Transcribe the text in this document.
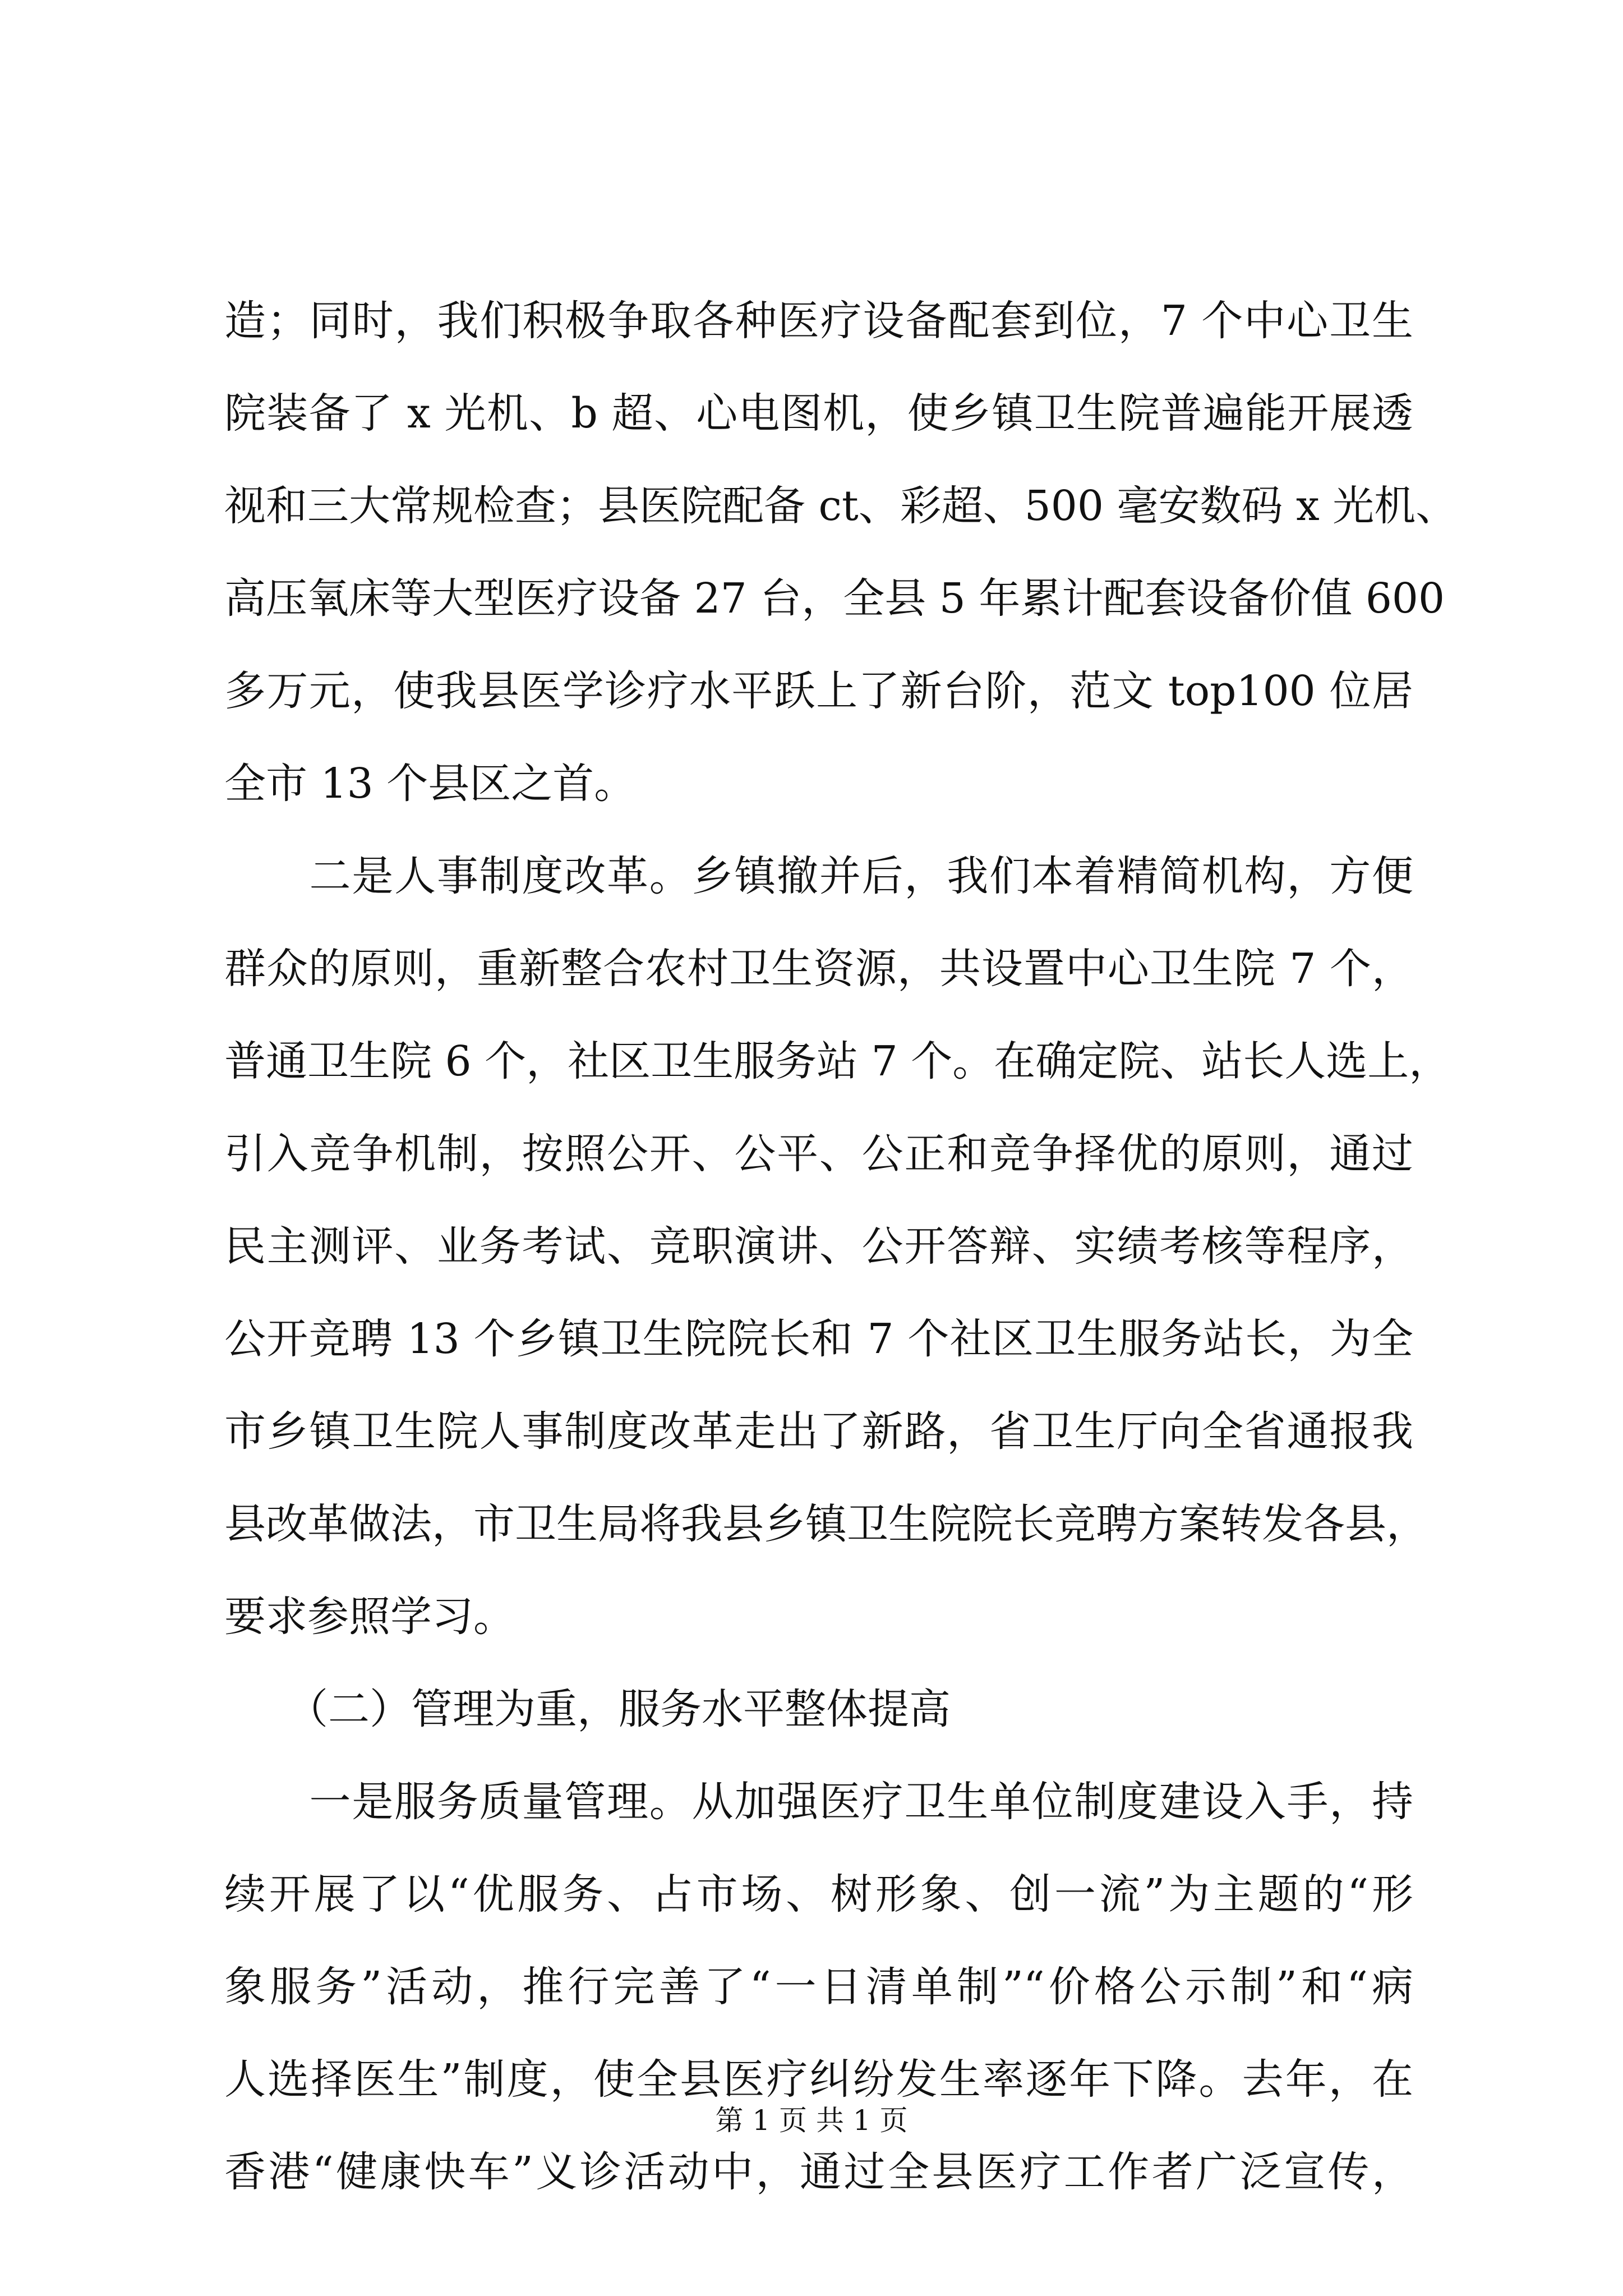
造；同时，我们积极争取各种医疗设备配套到位，7 个中心卫生
院装备了 x 光机、b 超、心电图机，使乡镇卫生院普遍能开展透
视和三大常规检查；县医院配备 ct、彩超、500 毫安数码 x 光机、
高压氧床等大型医疗设备 27 台，全县 5 年累计配套设备价值 600
多万元，使我县医学诊疗水平跃上了新台阶，范文 top100 位居
全市 13 个县区之首。
　　二是人事制度改革。乡镇撤并后，我们本着精简机构，方便
群众的原则，重新整合农村卫生资源，共设置中心卫生院 7 个，
普通卫生院 6 个，社区卫生服务站 7 个。在确定院、站长人选上，
引入竞争机制，按照公开、公平、公正和竞争择优的原则，通过
民主测评、业务考试、竞职演讲、公开答辩、实绩考核等程序，
公开竞聘 13 个乡镇卫生院院长和 7 个社区卫生服务站长，为全
市乡镇卫生院人事制度改革走出了新路，省卫生厅向全省通报我
县改革做法，市卫生局将我县乡镇卫生院院长竞聘方案转发各县，
要求参照学习。
　　（二）管理为重，服务水平整体提高
　　一是服务质量管理。从加强医疗卫生单位制度建设入手，持
续开展了以“优服务、占市场、树形象、创一流”为主题的“形
象服务”活动，推行完善了“一日清单制”“价格公示制”和“病
人选择医生”制度，使全县医疗纠纷发生率逐年下降。去年，在
香港“健康快车”义诊活动中，通过全县医疗工作者广泛宣传，
第 1 页 共 1 页
